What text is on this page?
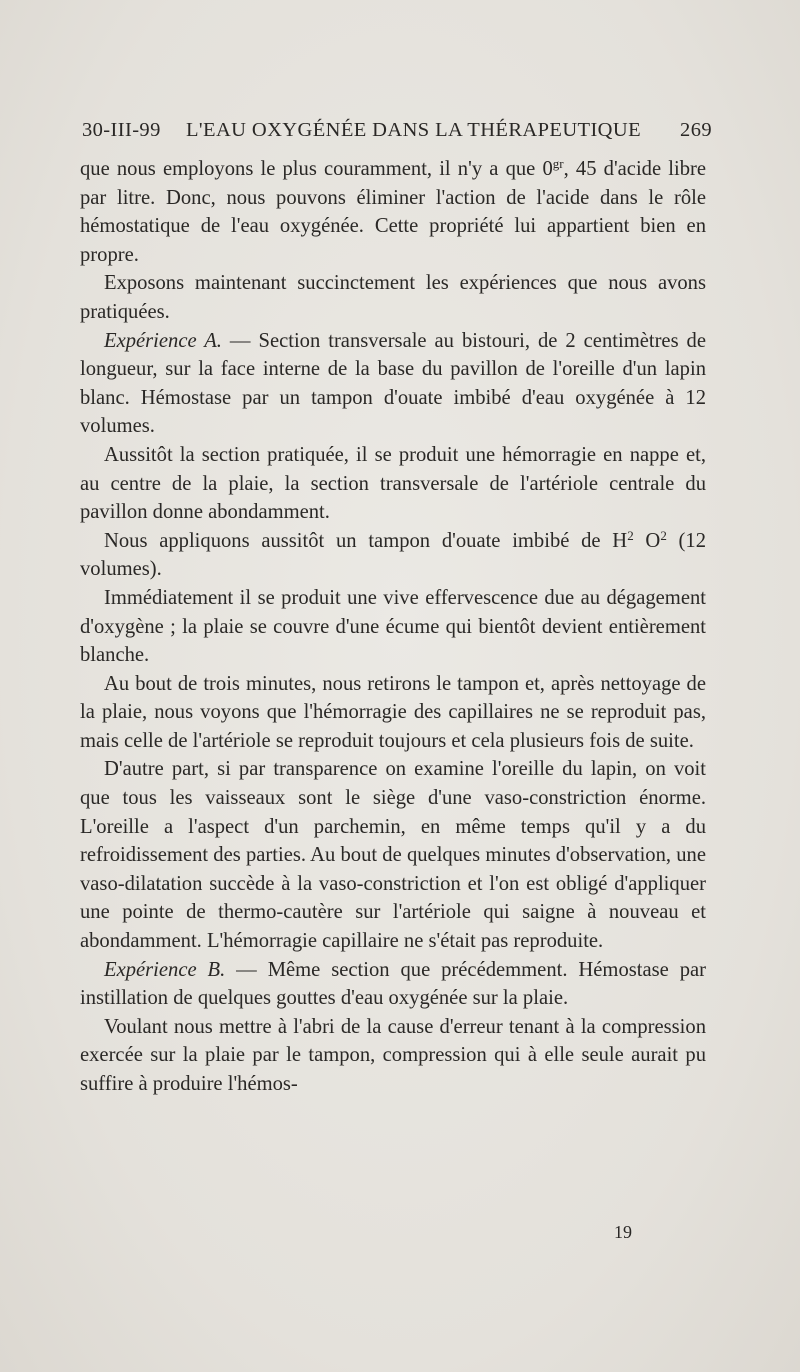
30-III-99 L'EAU OXYGÉNÉE DANS LA THÉRAPEUTIQUE 269

que nous employons le plus couramment, il n'y a que $0^{gr}$, 45 d'acide libre par litre. Donc, nous pouvons éliminer l'action de l'acide dans le rôle hémostatique de l'eau oxygénée. Cette propriété lui appartient bien en propre.

Exposons maintenant succinctement les expériences que nous avons pratiquées.

Expérience A. — Section transversale au bistouri, de 2 centimètres de longueur, sur la face interne de la base du pavillon de l'oreille d'un lapin blanc. Hémostase par un tampon d'ouate imbibé d'eau oxygénée à 12 volumes.

Aussitôt la section pratiquée, il se produit une hémorragie en nappe et, au centre de la plaie, la section transversale de l'artériole centrale du pavillon donne abondamment.

Nous appliquons aussitôt un tampon d'ouate imbibé de $H^2$ $O^2$ (12 volumes).

Immédiatement il se produit une vive effervescence due au dégagement d'oxygène ; la plaie se couvre d'une écume qui bientôt devient entièrement blanche.

Au bout de trois minutes, nous retirons le tampon et, après nettoyage de la plaie, nous voyons que l'hémorragie des capillaires ne se reproduit pas, mais celle de l'artériole se reproduit toujours et cela plusieurs fois de suite.

D'autre part, si par transparence on examine l'oreille du lapin, on voit que tous les vaisseaux sont le siège d'une vaso-constriction énorme. L'oreille a l'aspect d'un parchemin, en même temps qu'il y a du refroidissement des parties. Au bout de quelques minutes d'observation, une vaso-dilatation succède à la vaso-constriction et l'on est obligé d'appliquer une pointe de thermo-cautère sur l'artériole qui saigne à nouveau et abondamment. L'hémorragie capillaire ne s'était pas reproduite.

Expérience B. — Même section que précédemment. Hémostase par instillation de quelques gouttes d'eau oxygénée sur la plaie.

Voulant nous mettre à l'abri de la cause d'erreur tenant à la compression exercée sur la plaie par le tampon, compression qui à elle seule aurait pu suffire à produire l'hémos-

19
